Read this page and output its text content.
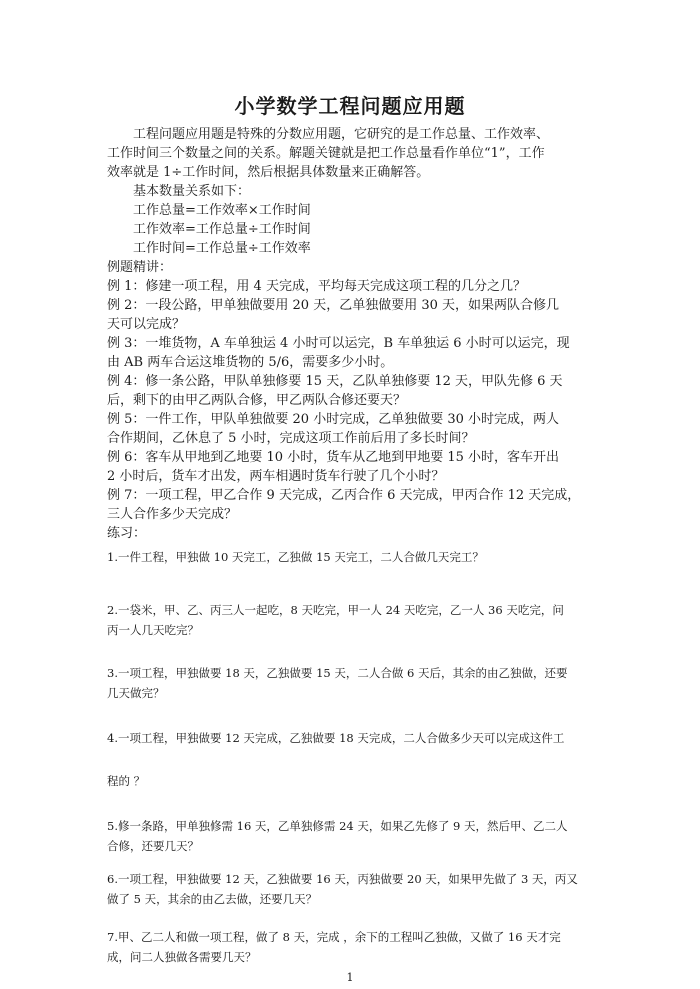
小学数学工程问题应用题
工程问题应用题是特殊的分数应用题，它研究的是工作总量、工作效率、
工作时间三个数量之间的关系。解题关键就是把工作总量看作单位“1”，工作
效率就是 1÷工作时间，然后根据具体数量来正确解答。
基本数量关系如下：
工作总量=工作效率×工作时间
工作效率=工作总量÷工作时间
工作时间=工作总量÷工作效率
例题精讲：
例 1：修建一项工程，用 4 天完成，平均每天完成这项工程的几分之几？
例 2：一段公路，甲单独做要用 20 天，乙单独做要用 30 天，如果两队合修几
天可以完成？
例 3：一堆货物，A 车单独运 4 小时可以运完，B 车单独运 6 小时可以运完，现
由 AB 两车合运这堆货物的 5/6，需要多少小时。
例 4：修一条公路，甲队单独修要 15 天，乙队单独修要 12 天，甲队先修 6 天
后，剩下的由甲乙两队合修，甲乙两队合修还要天？
例 5：一件工作，甲队单独做要 20 小时完成，乙单独做要 30 小时完成，两人
合作期间，乙休息了 5 小时，完成这项工作前后用了多长时间？
例 6：客车从甲地到乙地要 10 小时，货车从乙地到甲地要 15 小时，客车开出
2 小时后，货车才出发，两车相遇时货车行驶了几个小时？
例 7：一项工程，甲乙合作 9 天完成，乙丙合作 6 天完成，甲丙合作 12 天完成，
三人合作多少天完成？
练习：
1.一件工程，甲独做 10 天完工，乙独做 15 天完工，二人合做几天完工？
2.一袋米，甲、乙、丙三人一起吃，8 天吃完，甲一人 24 天吃完，乙一人 36 天吃完，问
丙一人几天吃完？
3.一项工程，甲独做要 18 天，乙独做要 15 天，二人合做 6 天后，其余的由乙独做，还要
几天做完？
4.一项工程，甲独做要 12 天完成，乙独做要 18 天完成，二人合做多少天可以完成这件工
程的 ？
5.修一条路，甲单独修需 16 天，乙单独修需 24 天，如果乙先修了 9 天，然后甲、乙二人
合修，还要几天？
6.一项工程，甲独做要 12 天，乙独做要 16 天，丙独做要 20 天，如果甲先做了 3 天，丙又
做了 5 天，其余的由乙去做，还要几天？
7.甲、乙二人和做一项工程，做了 8 天，完成 ，余下的工程叫乙独做，又做了 16 天才完
成，问二人独做各需要几天？
1
